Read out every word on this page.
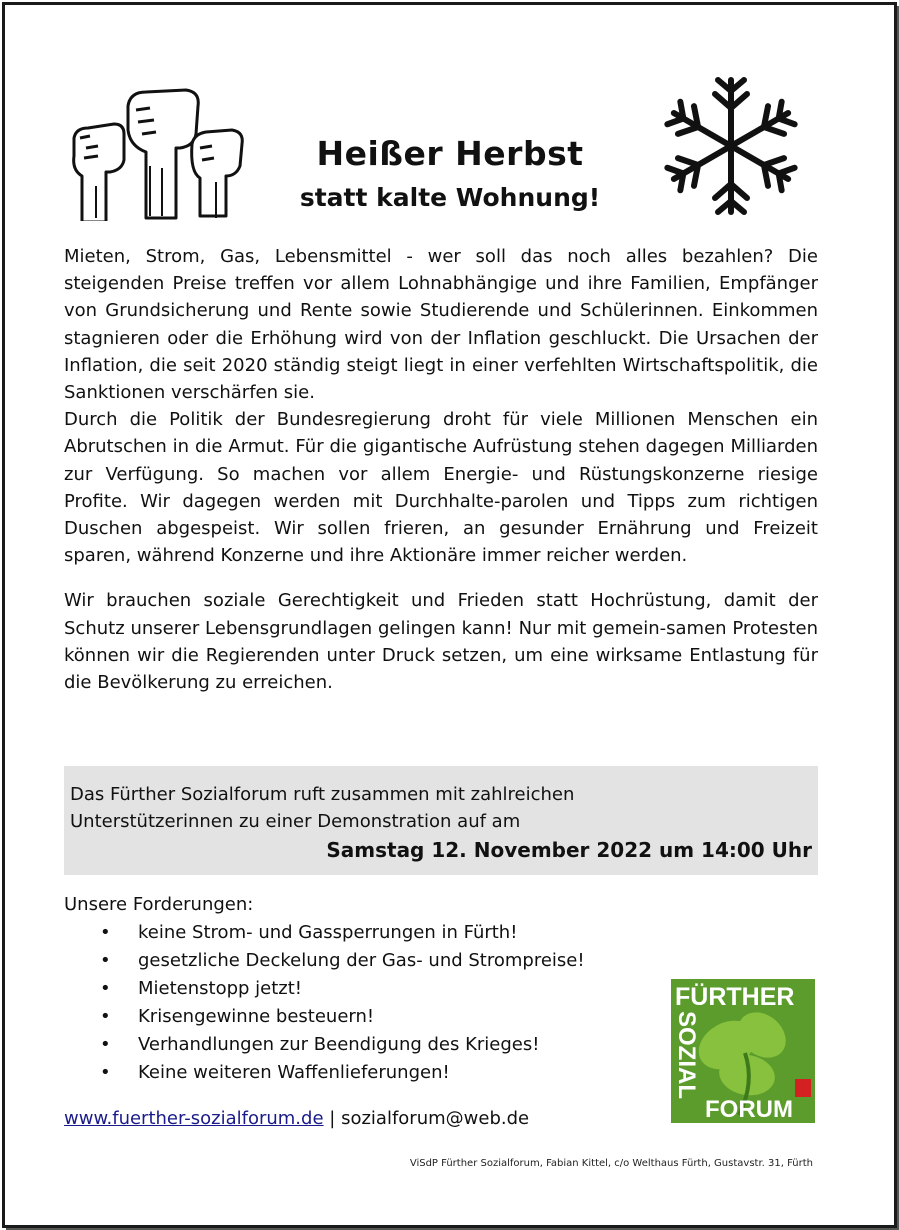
Heißer Herbst
statt kalte Wohnung!

Mieten, Strom, Gas, Lebensmittel - wer soll das noch alles bezahlen? Die steigenden Preise treffen vor allem Lohnabhängige und ihre Familien, Empfänger von Grundsicherung und Rente sowie Studierende und Schülerinnen. Einkommen stagnieren oder die Erhöhung wird von der Inflation geschluckt. Die Ursachen der Inflation, die seit 2020 ständig steigt liegt in einer verfehlten Wirtschaftspolitik, die Sanktionen verschärfen sie.

Durch die Politik der Bundesregierung droht für viele Millionen Menschen ein Abrutschen in die Armut. Für die gigantische Aufrüstung stehen dagegen Milliarden zur Verfügung. So machen vor allem Energie- und Rüstungskonzerne riesige Profite. Wir dagegen werden mit Durchhalte-parolen und Tipps zum richtigen Duschen abgespeist. Wir sollen frieren, an gesunder Ernährung und Freizeit sparen, während Konzerne und ihre Aktionäre immer reicher werden.

Wir brauchen soziale Gerechtigkeit und Frieden statt Hochrüstung, damit der Schutz unserer Lebensgrundlagen gelingen kann! Nur mit gemein-samen Protesten können wir die Regierenden unter Druck setzen, um eine wirksame Entlastung für die Bevölkerung zu erreichen.

Das Fürther Sozialforum ruft zusammen mit zahlreichen
Unterstützerinnen zu einer Demonstration auf am
Samstag 12. November 2022 um 14:00 Uhr
Unsere Forderungen:
• keine Strom- und Gassperrungen in Fürth!
• gesetzliche Deckelung der Gas- und Strompreise!
• Mietenstopp jetzt!
• Krisengewinne besteuern!
• Verhandlungen zur Beendigung des Krieges!
• Keine weiteren Waffenlieferungen!
FÜRTHER
SOZIAL
FORUM
www.fuerther-sozialforum.de | sozialforum@web.de
ViSdP Fürther Sozialforum, Fabian Kittel, c/o Welthaus Fürth, Gustavstr. 31, Fürth
